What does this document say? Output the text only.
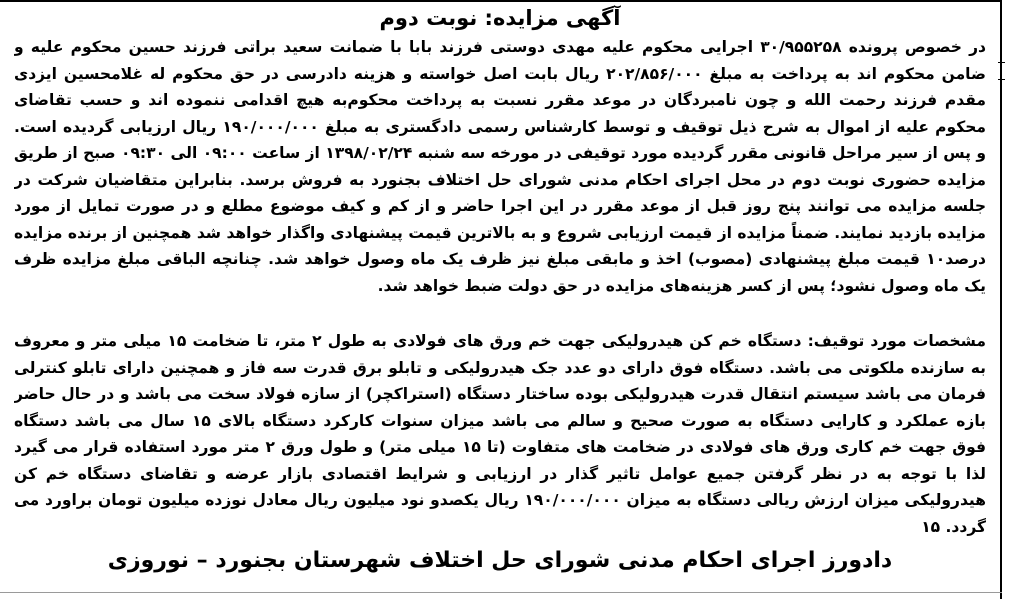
آگهی مزایده: نوبت دوم

در خصوص پرونده ۳۰/۹۵۵۲۵۸ اجرایی محکوم علیه مهدی دوستی فرزند بابا با ضمانت سعید براتی فرزند حسین محکوم علیه و ضامن محکوم اند به پرداخت به مبلغ ۲۰۲/۸۵۶/۰۰۰ ریال بابت اصل خواسته و هزینه دادرسی در حق محکوم له غلامحسین ایزدی مقدم فرزند رحمت الله و چون نامبردگان در موعد مقرر نسبت به پرداخت محکوم‌به هیچ اقدامی ننموده اند و حسب تقاضای محکوم علیه از اموال به شرح ذیل توقیف و توسط کارشناس رسمی دادگستری به مبلغ ۱۹۰/۰۰۰/۰۰۰ ریال ارزیابی گردیده است. و پس از سیر مراحل قانونی مقرر گردیده مورد توقیفی در مورخه سه شنبه ۱۳۹۸/۰۲/۲۴ از ساعت ۰۹:۰۰ الی ۰۹:۳۰ صبح از طریق مزایده حضوری نوبت دوم در محل اجرای احکام مدنی شورای حل اختلاف بجنورد به فروش برسد. بنابراین متقاضیان شرکت در جلسه مزایده می توانند پنج روز قبل از موعد مقرر در این اجرا حاضر و از کم و کیف موضوع مطلع و در صورت تمایل از مورد مزایده بازدید نمایند. ضمناً مزایده از قیمت ارزیابی شروع و به بالاترین قیمت پیشنهادی واگذار خواهد شد همچنین از برنده مزایده درصد۱۰ قیمت مبلغ پیشنهادی (مصوب) اخذ و مابقی مبلغ نیز ظرف یک ماه وصول خواهد شد. چنانچه الباقی مبلغ مزایده ظرف یک ماه وصول نشود؛ پس از کسر هزینه‌های مزایده در حق دولت ضبط خواهد شد.

مشخصات مورد توقیف: دستگاه خم کن هیدرولیکی جهت خم ورق های فولادی به طول ۲ متر، تا ضخامت ۱۵ میلی متر و معروف به سازنده ملکوتی می باشد. دستگاه فوق دارای دو عدد جک هیدرولیکی و تابلو برق قدرت سه فاز و همچنین دارای تابلو کنترلی فرمان می باشد سیستم انتقال قدرت هیدرولیکی بوده ساختار دستگاه (استراکچر) از سازه فولاد سخت می باشد و در حال حاضر بازه عملکرد و کارایی دستگاه به صورت صحیح و سالم می باشد میزان سنوات کارکرد دستگاه بالای ۱۵ سال می باشد دستگاه فوق جهت خم کاری ورق های فولادی در ضخامت های متفاوت (تا ۱۵ میلی متر) و طول ورق ۲ متر مورد استفاده قرار می گیرد لذا با توجه به در نظر گرفتن جمیع عوامل تاثیر گذار در ارزیابی و شرایط اقتصادی بازار عرضه و تقاضای دستگاه خم کن هیدرولیکی میزان ارزش ریالی دستگاه به میزان ۱۹۰/۰۰۰/۰۰۰ ریال یکصدو نود میلیون ریال معادل نوزده میلیون تومان براورد می گردد. ۱۵

دادورز اجرای احکام مدنی شورای حل اختلاف شهرستان بجنورد – نوروزی
